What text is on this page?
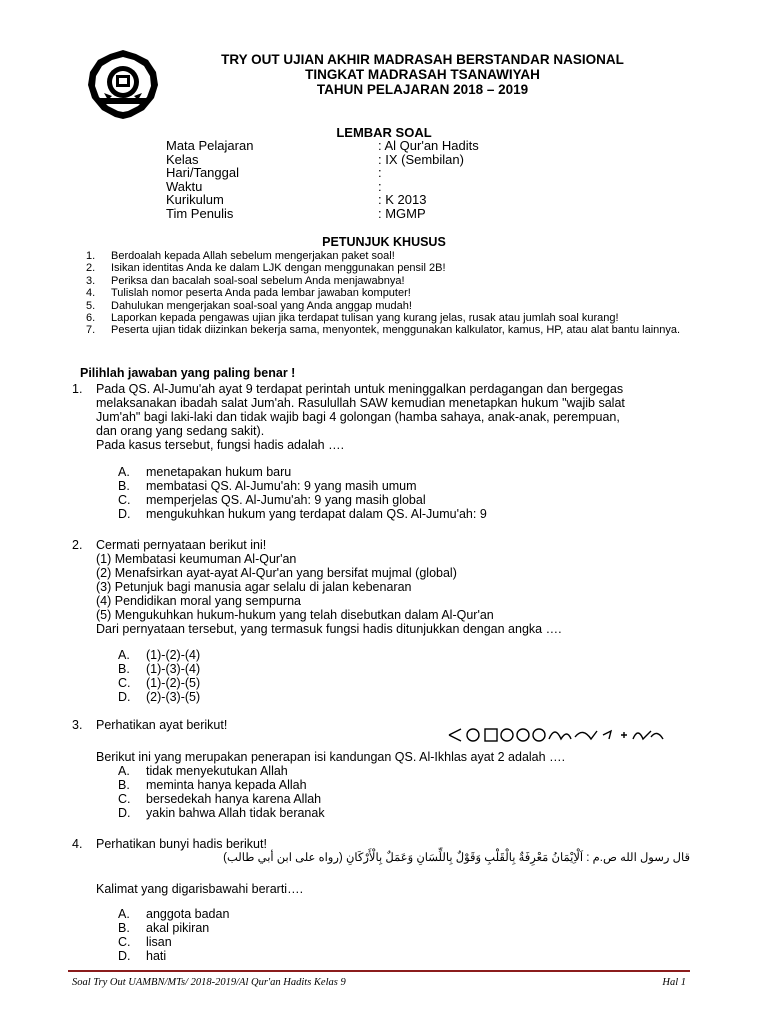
TRY OUT UJIAN AKHIR MADRASAH BERSTANDAR NASIONAL
TINGKAT MADRASAH TSANAWIYAH
TAHUN PELAJARAN 2018 – 2019
LEMBAR SOAL
Mata Pelajaran	: Al Qur'an Hadits
Kelas	: IX (Sembilan)
Hari/Tanggal	:
Waktu	:
Kurikulum	: K 2013
Tim Penulis	: MGMP
PETUNJUK KHUSUS
1.	Berdoalah kepada Allah sebelum mengerjakan paket soal!
2.	Isikan identitas Anda ke dalam LJK dengan menggunakan pensil 2B!
3.	Periksa dan bacalah soal-soal sebelum Anda menjawabnya!
4.	Tulislah nomor peserta Anda pada lembar jawaban komputer!
5.	Dahulukan mengerjakan soal-soal yang Anda anggap mudah!
6.	Laporkan kepada pengawas ujian jika terdapat tulisan yang kurang jelas, rusak atau jumlah soal kurang!
7.	Peserta ujian tidak diizinkan bekerja sama, menyontek, menggunakan kalkulator, kamus, HP, atau alat bantu lainnya.
Pilihlah jawaban yang paling benar !
1.	Pada QS. Al-Jumu'ah ayat 9 terdapat perintah untuk meninggalkan perdagangan dan bergegas
melaksanakan ibadah salat Jum'ah. Rasulullah SAW kemudian menetapkan hukum "wajib salat
Jum'ah" bagi laki-laki dan tidak wajib bagi 4 golongan (hamba sahaya, anak-anak, perempuan,
dan orang yang sedang sakit).
Pada kasus tersebut, fungsi hadis adalah ….
A. menetapakan hukum baru
B. membatasi QS. Al-Jumu'ah: 9 yang masih umum
C. memperjelas QS. Al-Jumu'ah: 9 yang masih global
D. mengukuhkan hukum yang terdapat dalam QS. Al-Jumu'ah: 9
2.	Cermati pernyataan berikut ini!
(1) Membatasi keumuman Al-Qur'an
(2) Menafsirkan ayat-ayat Al-Qur'an yang bersifat mujmal (global)
(3) Petunjuk bagi manusia agar selalu di jalan kebenaran
(4) Pendidikan moral yang sempurna
(5) Mengukuhkan hukum-hukum yang telah disebutkan dalam Al-Qur'an
Dari pernyataan tersebut, yang termasuk fungsi hadis ditunjukkan dengan angka ….
A. (1)-(2)-(4)
B. (1)-(3)-(4)
C. (1)-(2)-(5)
D. (2)-(3)-(5)
3.	Perhatikan ayat berikut!
Berikut ini yang merupakan penerapan isi kandungan QS. Al-Ikhlas ayat 2 adalah ….
A. tidak menyekutukan Allah
B. meminta hanya kepada Allah
C. bersedekah hanya karena Allah
D. yakin bahwa Allah tidak beranak
4.	Perhatikan bunyi hadis berikut!
قال رسول الله ص.م : اَلْاِيْمَانُ مَعْرِفَةٌ بِالْقَلْبِ وَقَوْلٌ بِاللِّسَانِ وَعَمَلٌ بِالْأَرْكَانِ (رواه على ابن أبي طالب)
Kalimat yang digarisbawahi berarti….
A. anggota badan
B. akal pikiran
C. lisan
D. hati
Soal Try Out UAMBN/MTs/ 2018-2019/Al Qur'an Hadits Kelas 9	Hal 1
